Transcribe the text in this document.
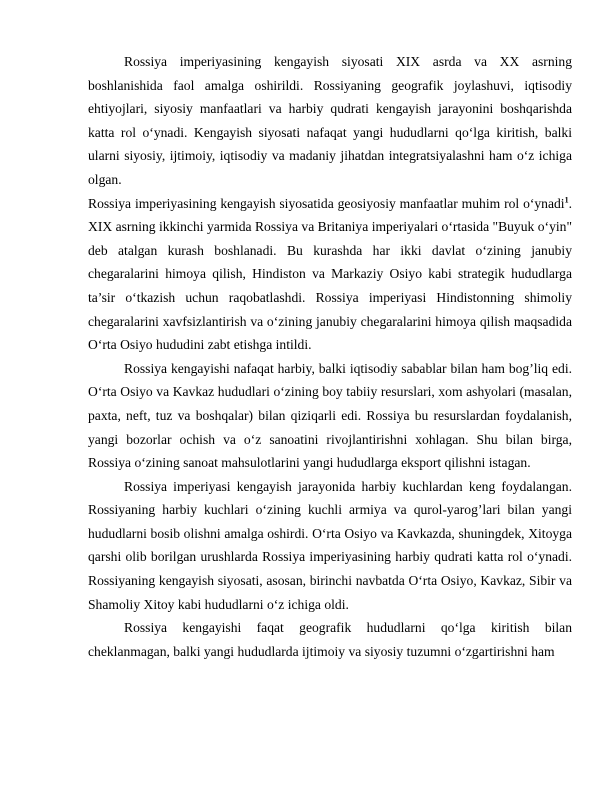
Rossiya imperiyasining kengayish siyosati XIX asrda va XX asrning boshlanishida faol amalga oshirildi. Rossiyaning geografik joylashuvi, iqtisodiy ehtiyojlari, siyosiy manfaatlari va harbiy qudrati kengayish jarayonini boshqarishda katta rol o‘ynadi. Kengayish siyosati nafaqat yangi hududlarni qo‘lga kiritish, balki ularni siyosiy, ijtimoiy, iqtisodiy va madaniy jihatdan integratsiyalashni ham o‘z ichiga olgan.

Rossiya imperiyasining kengayish siyosatida geosiyosiy manfaatlar muhim rol o‘ynadi$^1$. XIX asrning ikkinchi yarmida Rossiya va Britaniya imperiyalari o‘rtasida "Buyuk o‘yin" deb atalgan kurash boshlanadi. Bu kurashda har ikki davlat o‘zining janubiy chegaralarini himoya qilish, Hindiston va Markaziy Osiyo kabi strategik hududlarga ta’sir o‘tkazish uchun raqobatlashdi. Rossiya imperiyasi Hindistonning shimoliy chegaralarini xavfsizlantirish va o‘zining janubiy chegaralarini himoya qilish maqsadida O‘rta Osiyo hududini zabt etishga intildi.

Rossiya kengayishi nafaqat harbiy, balki iqtisodiy sabablar bilan ham bog’liq edi. O‘rta Osiyo va Kavkaz hududlari o‘zining boy tabiiy resurslari, xom ashyolari (masalan, paxta, neft, tuz va boshqalar) bilan qiziqarli edi. Rossiya bu resurslardan foydalanish, yangi bozorlar ochish va o‘z sanoatini rivojlantirishni xohlagan. Shu bilan birga, Rossiya o‘zining sanoat mahsulotlarini yangi hududlarga eksport qilishni istagan.

Rossiya imperiyasi kengayish jarayonida harbiy kuchlardan keng foydalangan. Rossiyaning harbiy kuchlari o‘zining kuchli armiya va qurol-yarog’lari bilan yangi hududlarni bosib olishni amalga oshirdi. O‘rta Osiyo va Kavkazda, shuningdek, Xitoyga qarshi olib borilgan urushlarda Rossiya imperiyasining harbiy qudrati katta rol o‘ynadi. Rossiyaning kengayish siyosati, asosan, birinchi navbatda O‘rta Osiyo, Kavkaz, Sibir va Shamoliy Xitoy kabi hududlarni o‘z ichiga oldi.

Rossiya kengayishi faqat geografik hududlarni qo‘lga kiritish bilan cheklanmagan, balki yangi hududlarda ijtimoiy va siyosiy tuzumni o‘zgartirishni ham
